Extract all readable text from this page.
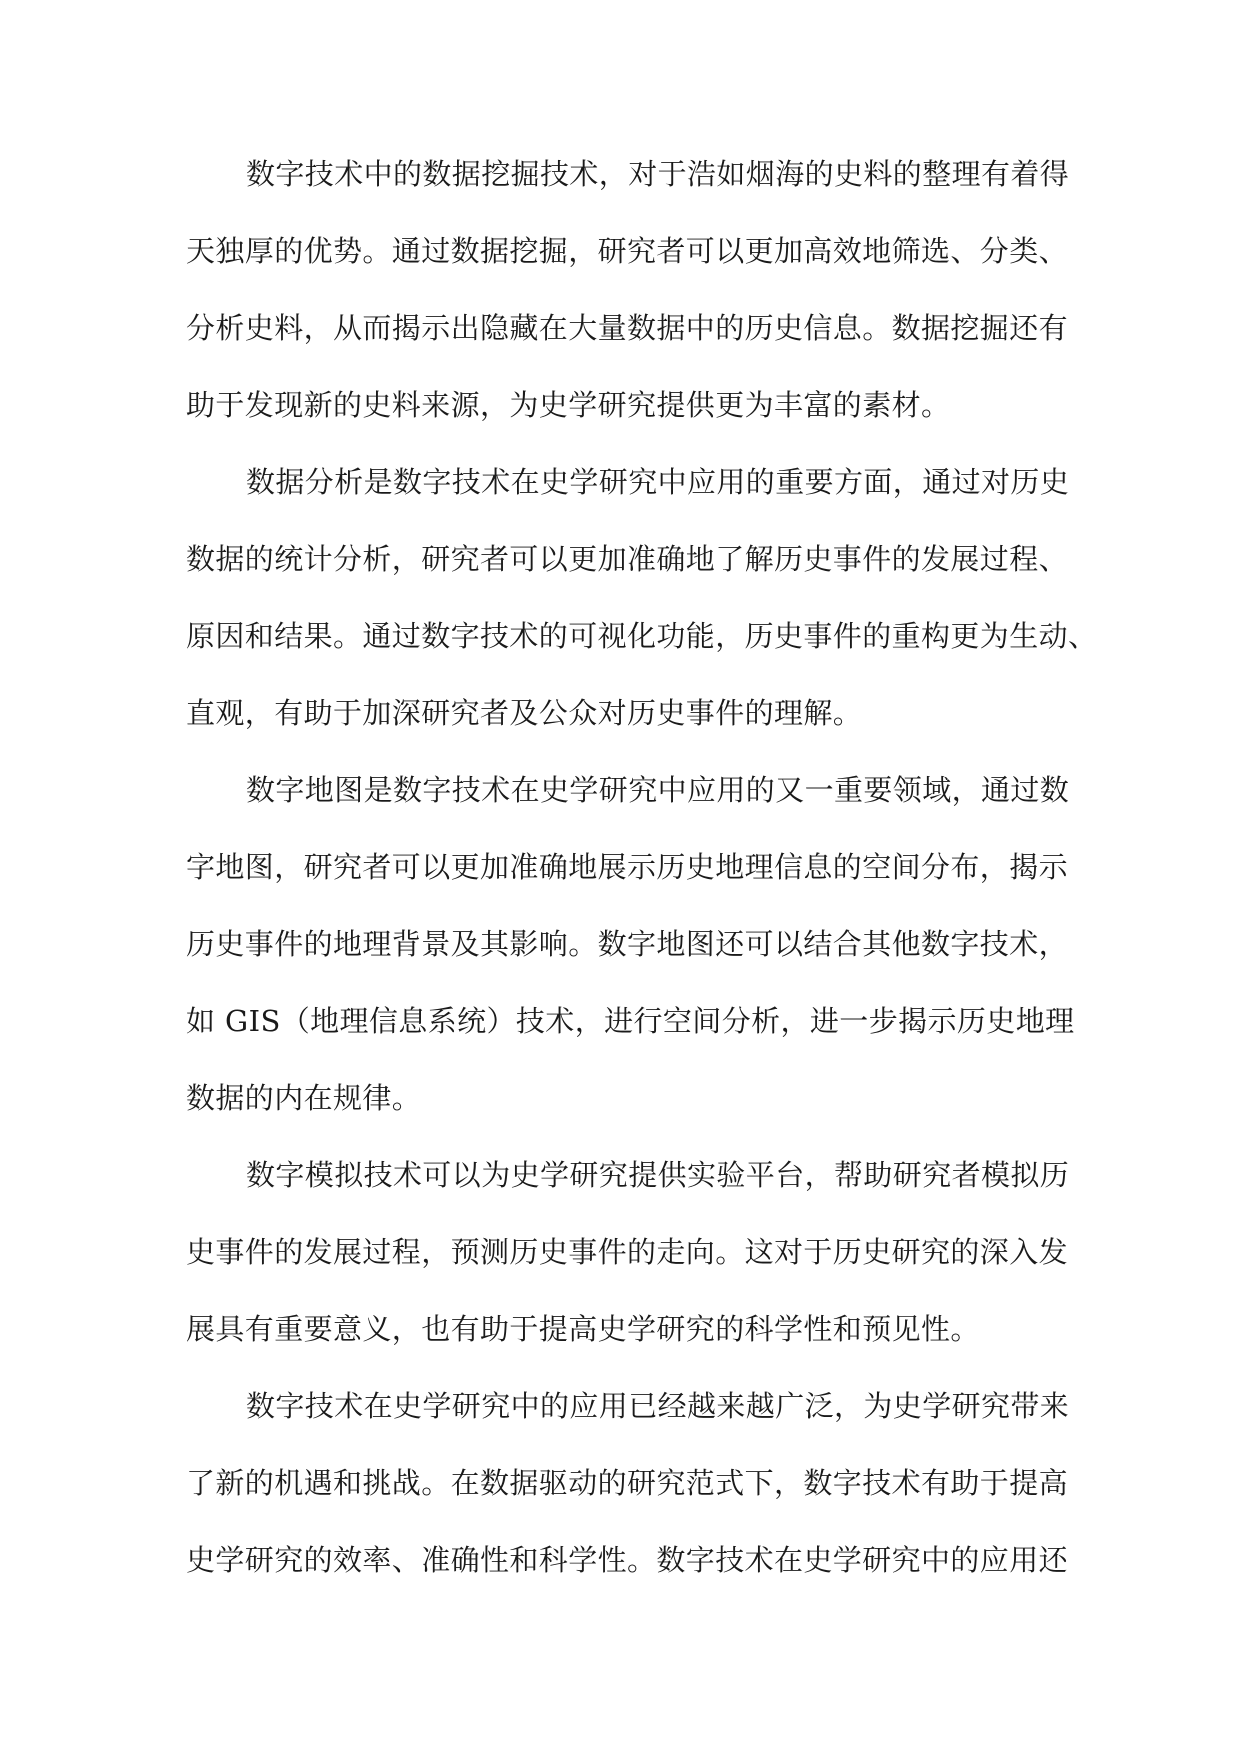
数字技术中的数据挖掘技术，对于浩如烟海的史料的整理有着得
天独厚的优势。通过数据挖掘，研究者可以更加高效地筛选、分类、
分析史料，从而揭示出隐藏在大量数据中的历史信息。数据挖掘还有
助于发现新的史料来源，为史学研究提供更为丰富的素材。
数据分析是数字技术在史学研究中应用的重要方面，通过对历史
数据的统计分析，研究者可以更加准确地了解历史事件的发展过程、
原因和结果。通过数字技术的可视化功能，历史事件的重构更为生动、
直观，有助于加深研究者及公众对历史事件的理解。
数字地图是数字技术在史学研究中应用的又一重要领域，通过数
字地图，研究者可以更加准确地展示历史地理信息的空间分布，揭示
历史事件的地理背景及其影响。数字地图还可以结合其他数字技术，
如 GIS（地理信息系统）技术，进行空间分析，进一步揭示历史地理
数据的内在规律。
数字模拟技术可以为史学研究提供实验平台，帮助研究者模拟历
史事件的发展过程，预测历史事件的走向。这对于历史研究的深入发
展具有重要意义，也有助于提高史学研究的科学性和预见性。
数字技术在史学研究中的应用已经越来越广泛，为史学研究带来
了新的机遇和挑战。在数据驱动的研究范式下，数字技术有助于提高
史学研究的效率、准确性和科学性。数字技术在史学研究中的应用还
